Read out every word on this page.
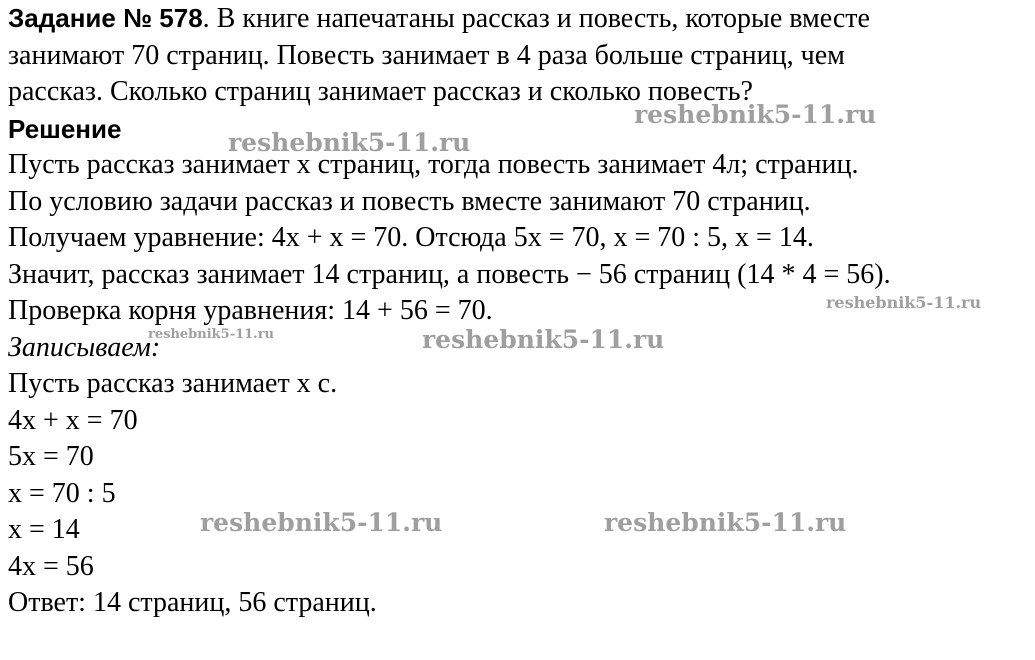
Задание № 578. В книге напечатаны рассказ и повесть, которые вместе
занимают 70 страниц. Повесть занимает в 4 раза больше страниц, чем
рассказ. Сколько страниц занимает рассказ и сколько повесть?
Решение
Пусть рассказ занимает х страниц, тогда повесть занимает 4л; страниц.
По условию задачи рассказ и повесть вместе занимают 70 страниц.
Получаем уравнение: 4х + х = 70. Отсюда 5х = 70, х = 70 : 5, х = 14.
Значит, рассказ занимает 14 страниц, а повесть − 56 страниц (14 * 4 = 56).
Проверка корня уравнения: 14 + 56 = 70.
Записываем:
Пусть рассказ занимает х с.
4х + х = 70
5х = 70
х = 70 : 5
х = 14
4х = 56
Ответ: 14 страниц, 56 страниц.
reshebnik5-11.ru
reshebnik5-11.ru
reshebnik5-11.ru
reshebnik5-11.ru	reshebnik5-11.ru
reshebnik5-11.ru	reshebnik5-11.ru
